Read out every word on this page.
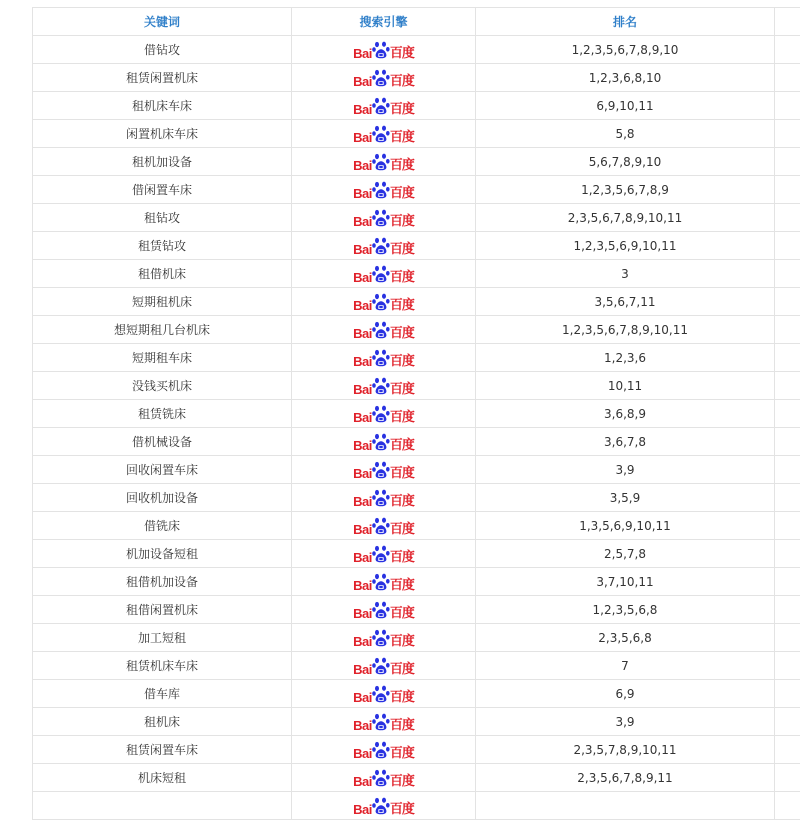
关键词	搜索引擎	排名	
借钻攻	Bai 百度	1,2,3,5,6,7,8,9,10	
租赁闲置机床	Bai 百度	1,2,3,6,8,10	
租机床车床	Bai 百度	6,9,10,11	
闲置机床车床	Bai 百度	5,8	
租机加设备	Bai 百度	5,6,7,8,9,10	
借闲置车床	Bai 百度	1,2,3,5,6,7,8,9	
租钻攻	Bai 百度	2,3,5,6,7,8,9,10,11	
租赁钻攻	Bai 百度	1,2,3,5,6,9,10,11	
租借机床	Bai 百度	3	
短期租机床	Bai 百度	3,5,6,7,11	
想短期租几台机床	Bai 百度	1,2,3,5,6,7,8,9,10,11	
短期租车床	Bai 百度	1,2,3,6	
没钱买机床	Bai 百度	10,11	
租赁铣床	Bai 百度	3,6,8,9	
借机械设备	Bai 百度	3,6,7,8	
回收闲置车床	Bai 百度	3,9	
回收机加设备	Bai 百度	3,5,9	
借铣床	Bai 百度	1,3,5,6,9,10,11	
机加设备短租	Bai 百度	2,5,7,8	
租借机加设备	Bai 百度	3,7,10,11	
租借闲置机床	Bai 百度	1,2,3,5,6,8	
加工短租	Bai 百度	2,3,5,6,8	
租赁机床车床	Bai 百度	7	
借车库	Bai 百度	6,9	
租机床	Bai 百度	3,9	
租赁闲置车床	Bai 百度	2,3,5,7,8,9,10,11	
机床短租	Bai 百度	2,3,5,6,7,8,9,11	

	Bai 百度		
